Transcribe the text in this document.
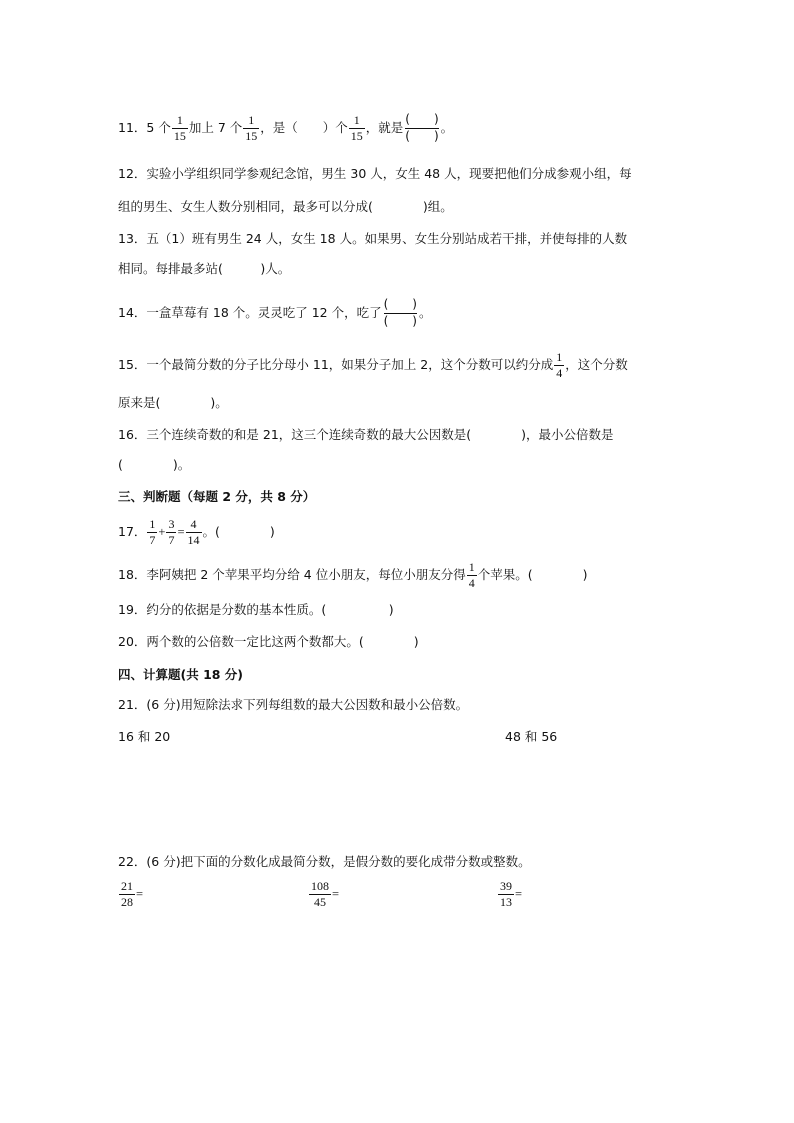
11．5 个 $\frac{1}{15}$ 加上 7 个 $\frac{1}{15}$ ，是（　　）个 $\frac{1}{15}$ ，就是 $\frac{( )}{( )}$ 。
12．实验小学组织同学参观纪念馆，男生 30 人，女生 48 人，现要把他们分成参观小组，每
组的男生、女生人数分别相同，最多可以分成(　　　　)组。
13．五（1）班有男生 24 人，女生 18 人。如果男、女生分别站成若干排，并使每排的人数
相同。每排最多站(　　　)人。
14．一盒草莓有 18 个。灵灵吃了 12 个，吃了 $\frac{( )}{( )}$ 。
15．一个最简分数的分子比分母小 11，如果分子加上 2，这个分数可以约分成 $\frac{1}{4}$ ，这个分数
原来是(　　　　)。
16．三个连续奇数的和是 21，这三个连续奇数的最大公因数是(　　　　)，最小公倍数是
(　　　　)。
三、判断题（每题 2 分，共 8 分）
17． $\frac{1}{7} + \frac{3}{7} = \frac{4}{14}$ 。(　　　　)
18．李阿姨把 2 个苹果平均分给 4 位小朋友，每位小朋友分得 $\frac{1}{4}$ 个苹果。(　　　　)
19．约分的依据是分数的基本性质。(　　　　　)
20．两个数的公倍数一定比这两个数都大。(　　　　)
四、计算题(共 18 分)
21．(6 分)用短除法求下列每组数的最大公因数和最小公倍数。
16 和 20	48 和 56
22．(6 分)把下面的分数化成最简分数，是假分数的要化成带分数或整数。
$\frac{21}{28}$ =	$\frac{108}{45}$ =	$\frac{39}{13}$ =
